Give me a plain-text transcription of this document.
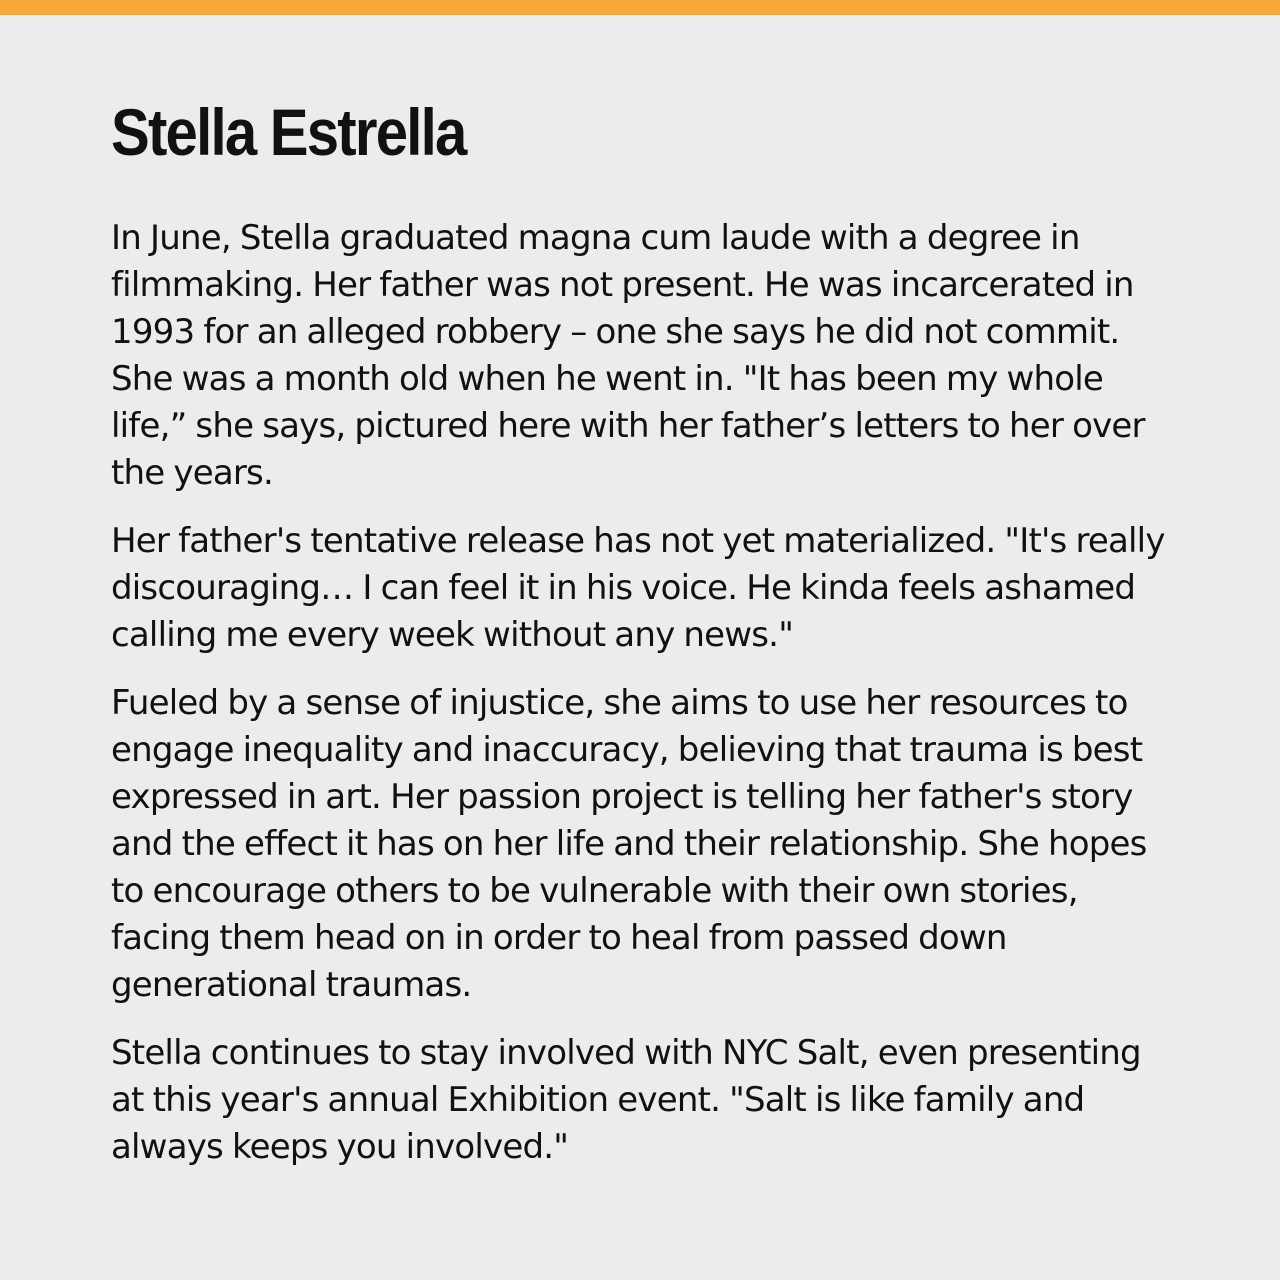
Stella Estrella

In June, Stella graduated magna cum laude with a degree in filmmaking. Her father was not present. He was incarcerated in 1993 for an alleged robbery – one she says he did not commit. She was a month old when he went in. "It has been my whole life,” she says, pictured here with her father’s letters to her over the years.

Her father's tentative release has not yet materialized. "It's really discouraging… I can feel it in his voice. He kinda feels ashamed calling me every week without any news."

Fueled by a sense of injustice, she aims to use her resources to engage inequality and inaccuracy, believing that trauma is best expressed in art. Her passion project is telling her father's story and the effect it has on her life and their relationship. She hopes to encourage others to be vulnerable with their own stories, facing them head on in order to heal from passed down generational traumas.

Stella continues to stay involved with NYC Salt, even presenting at this year's annual Exhibition event. "Salt is like family and always keeps you involved."
